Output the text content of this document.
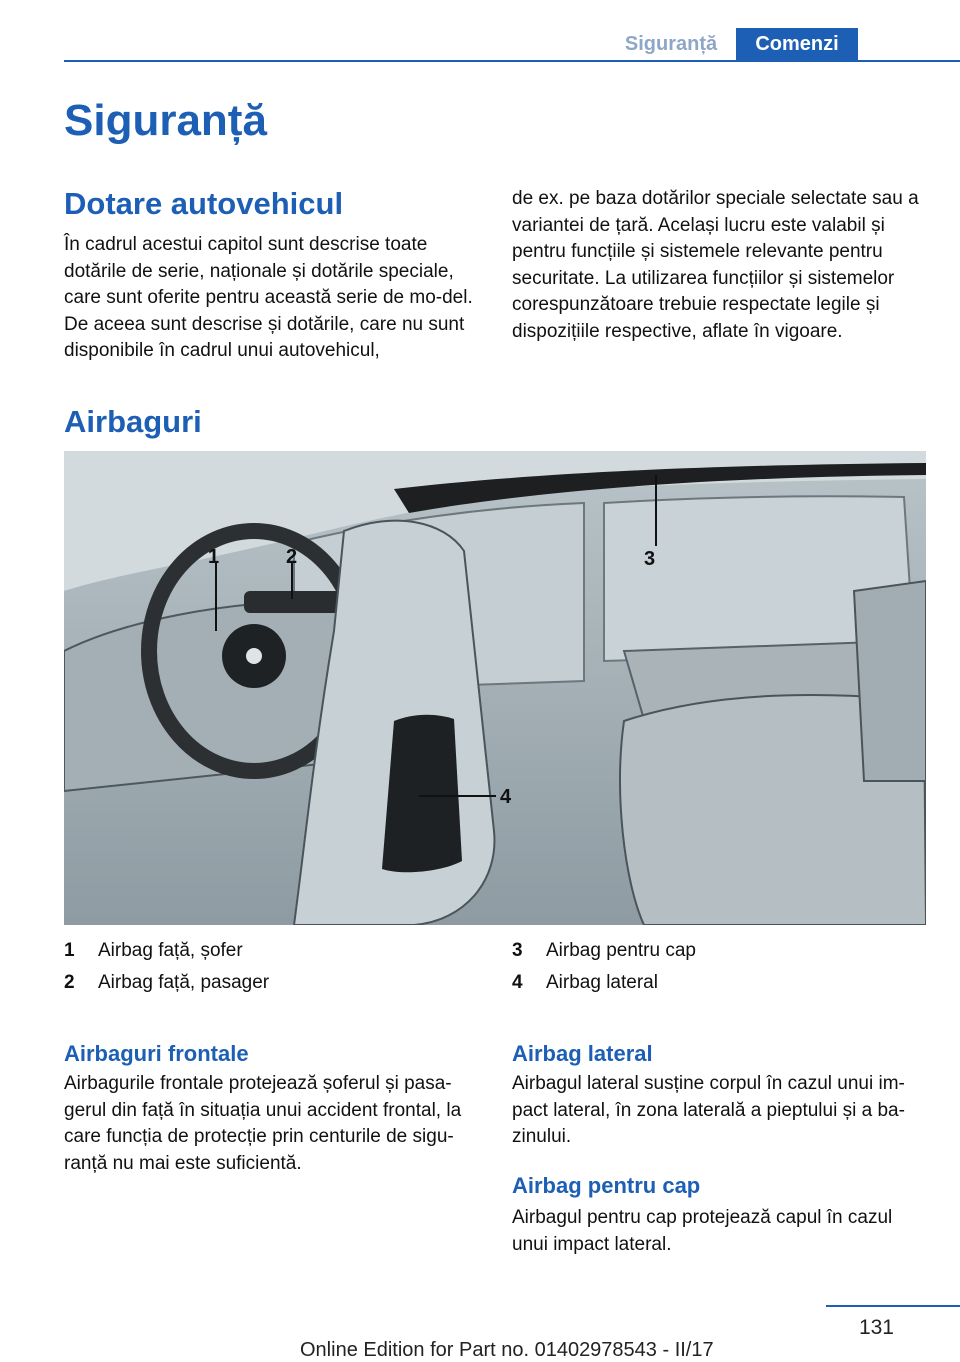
Siguranță	Comenzi
Siguranță
Dotare autovehicul

În cadrul acestui capitol sunt descrise toate dotările de serie, naționale și dotările speciale, care sunt oferite pentru această serie de mo-del. De aceea sunt descrise și dotările, care nu sunt disponibile în cadrul unui autovehicul,

de ex. pe baza dotărilor speciale selectate sau a variantei de țară. Același lucru este valabil și pentru funcțiile și sistemele relevante pentru securitate. La utilizarea funcțiilor și sistemelor corespunzătoare trebuie respectate legile și dispozițiile respective, aflate în vigoare.

Airbaguri
1	2	3
4
1	Airbag față, șofer
2	Airbag față, pasager
3	Airbag pentru cap
4	Airbag lateral
Airbaguri frontale

Airbagurile frontale protejează șoferul și pasa-gerul din față în situația unui accident frontal, la care funcția de protecție prin centurile de sigu-ranță nu mai este suficientă.

Airbag lateral

Airbagul lateral susține corpul în cazul unui im-pact lateral, în zona laterală a pieptului și a ba-zinului.

Airbag pentru cap

Airbagul pentru cap protejează capul în cazul unui impact lateral.

131
Online Edition for Part no. 01402978543 - II/17
